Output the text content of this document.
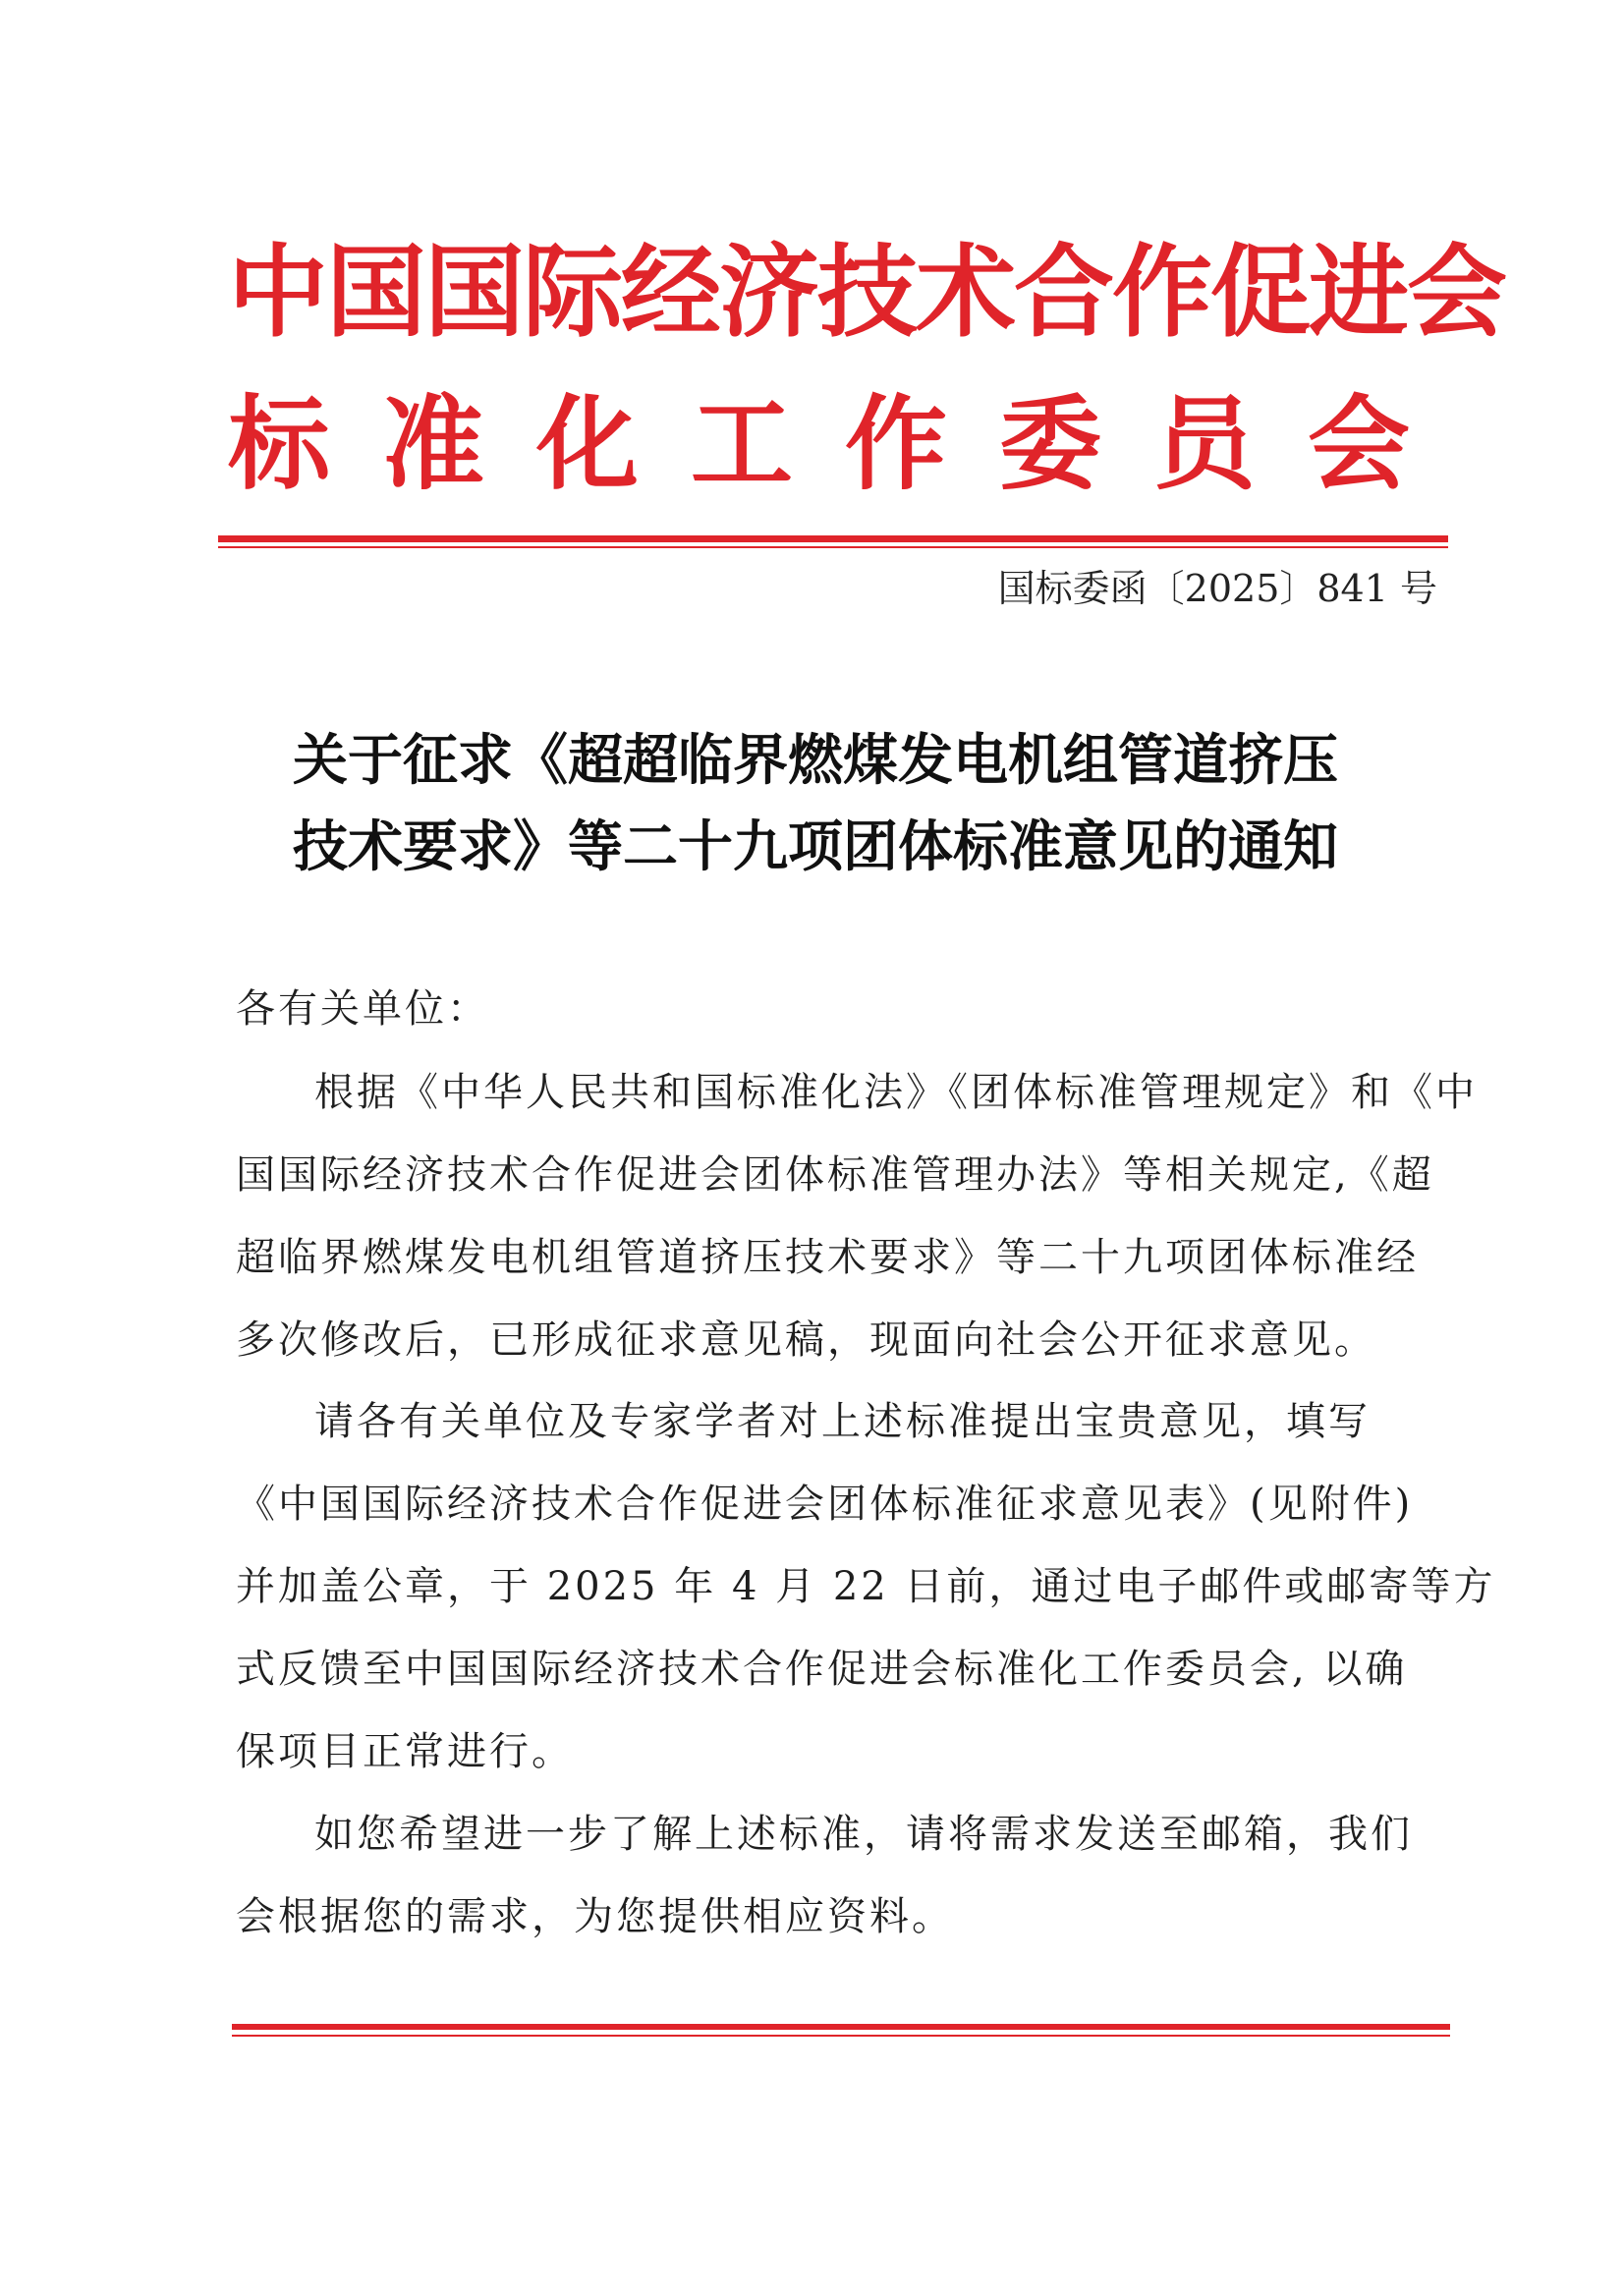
中国国际经济技术合作促进会
标准化工作委员会
国标委函〔2025〕841 号
关于征求《超超临界燃煤发电机组管道挤压
技术要求》等二十九项团体标准意见的通知
各有关单位：
根据《中华人民共和国标准化法》《团体标准管理规定》和《中
国国际经济技术合作促进会团体标准管理办法》等相关规定,《超
超临界燃煤发电机组管道挤压技术要求》等二十九项团体标准经
多次修改后，已形成征求意见稿，现面向社会公开征求意见。
请各有关单位及专家学者对上述标准提出宝贵意见，填写
《中国国际经济技术合作促进会团体标准征求意见表》(见附件)
并加盖公章，于 2025 年 4 月 22 日前，通过电子邮件或邮寄等方
式反馈至中国国际经济技术合作促进会标准化工作委员会, 以确
保项目正常进行。
如您希望进一步了解上述标准，请将需求发送至邮箱，我们
会根据您的需求，为您提供相应资料。
